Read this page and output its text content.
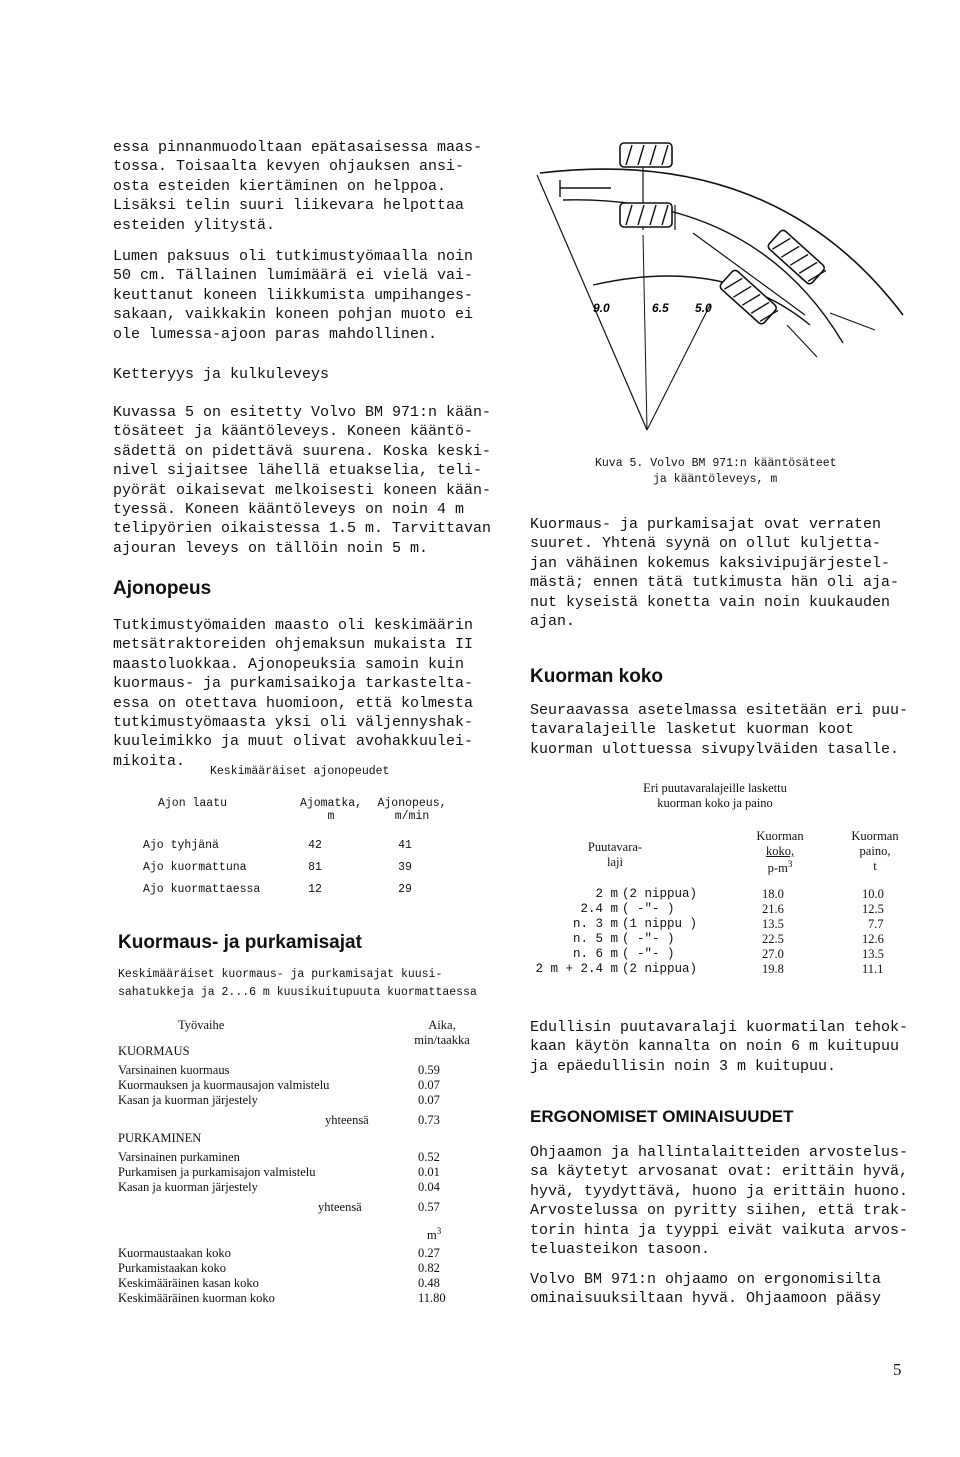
essa pinnanmuodoltaan epätasaisessa maas-
tossa. Toisaalta kevyen ohjauksen ansi-
osta esteiden kiertäminen on helppoa.
Lisäksi telin suuri liikevara helpottaa
esteiden ylitystä.
Lumen paksuus oli tutkimustyömaalla noin
50 cm. Tällainen lumimäärä ei vielä vai-
keuttanut koneen liikkumista umpihanges-
sakaan, vaikkakin koneen pohjan muoto ei
ole lumessa-ajoon paras mahdollinen.
Ketteryys ja kulkuleveys
Kuvassa 5 on esitetty Volvo BM 971:n kään-
tösäteet ja kääntöleveys. Koneen kääntö-
sädettä on pidettävä suurena. Koska keski-
nivel sijaitsee lähellä etuakselia, teli-
pyörät oikaisevat melkoisesti koneen kään-
tyessä. Koneen kääntöleveys on noin 4 m
telipyörien oikaistessa 1.5 m. Tarvittavan
ajouran leveys on tällöin noin 5 m.
Ajonopeus
Tutkimustyömaiden maasto oli keskimäärin
metsätraktoreiden ohjemaksun mukaista II
maastoluokkaa. Ajonopeuksia samoin kuin
kuormaus- ja purkamisaikoja tarkastelta-
essa on otettava huomioon, että kolmesta
tutkimustyömaasta yksi oli väljennyshak-
kuuleimikko ja muut olivat avohakkuulei-
mikoita.
Keskimääräiset ajonopeudet
Ajon laatu	Ajomatka,
m
Ajonopeus,
m/min
Ajo tyhjänä	42	41
Ajo kuormattuna	81	39
Ajo kuormattaessa	12	29
Kuormaus- ja purkamisajat
Keskimääräiset kuormaus- ja purkamisajat kuusi-
sahatukkeja ja 2...6 m kuusikuitupuuta kuormattaessa
Työvaihe	Aika,
min/taakka
KUORMAUS
Varsinainen kuormaus	0.59
Kuormauksen ja kuormausajon valmistelu	0.07
Kasan ja kuorman järjestely	0.07
yhteensä	0.73
PURKAMINEN
Varsinainen purkaminen	0.52
Purkamisen ja purkamisajon valmistelu	0.01
Kasan ja kuorman järjestely	0.04
yhteensä	0.57
$m^3$
Kuormaustaakan koko	0.27
Purkamistaakan koko	0.82
Keskimääräinen kasan koko	0.48
Keskimääräinen kuorman koko	11.80
9.0	6.5 5.0
Kuva 5. Volvo BM 971:n kääntösäteet
ja kääntöleveys, m
Kuormaus- ja purkamisajat ovat verraten
suuret. Yhtenä syynä on ollut kuljetta-
jan vähäinen kokemus kaksivipujärjestel-
mästä; ennen tätä tutkimusta hän oli aja-
nut kyseistä konetta vain noin kuukauden
ajan.
Kuorman koko
Seuraavassa asetelmassa esitetään eri puu-
tavaralajeille lasketut kuorman koot
kuorman ulottuessa sivupylväiden tasalle.
Eri puutavaralajeille laskettu
kuorman koko ja paino
Puutavara-
laji
Kuorman
koko,
$p-m^3$
Kuorman
paino,
t
2 m (2 nippua)	18.0	10.0
2.4 m ( -"- )	21.6	12.5
n. 3 m (1 nippu )	13.5	7.7
n. 5 m ( -"- )	22.5	12.6
n. 6 m ( -"- )	27.0	13.5
2 m + 2.4 m (2 nippua)	19.8	11.1
Edullisin puutavaralaji kuormatilan tehok-
kaan käytön kannalta on noin 6 m kuitupuu
ja epäedullisin noin 3 m kuitupuu.
ERGONOMISET OMINAISUUDET
Ohjaamon ja hallintalaitteiden arvostelus-
sa käytetyt arvosanat ovat: erittäin hyvä,
hyvä, tyydyttävä, huono ja erittäin huono.
Arvostelussa on pyritty siihen, että trak-
torin hinta ja tyyppi eivät vaikuta arvos-
teluasteikon tasoon.
Volvo BM 971:n ohjaamo on ergonomisilta
ominaisuuksiltaan hyvä. Ohjaamoon pääsy
5
